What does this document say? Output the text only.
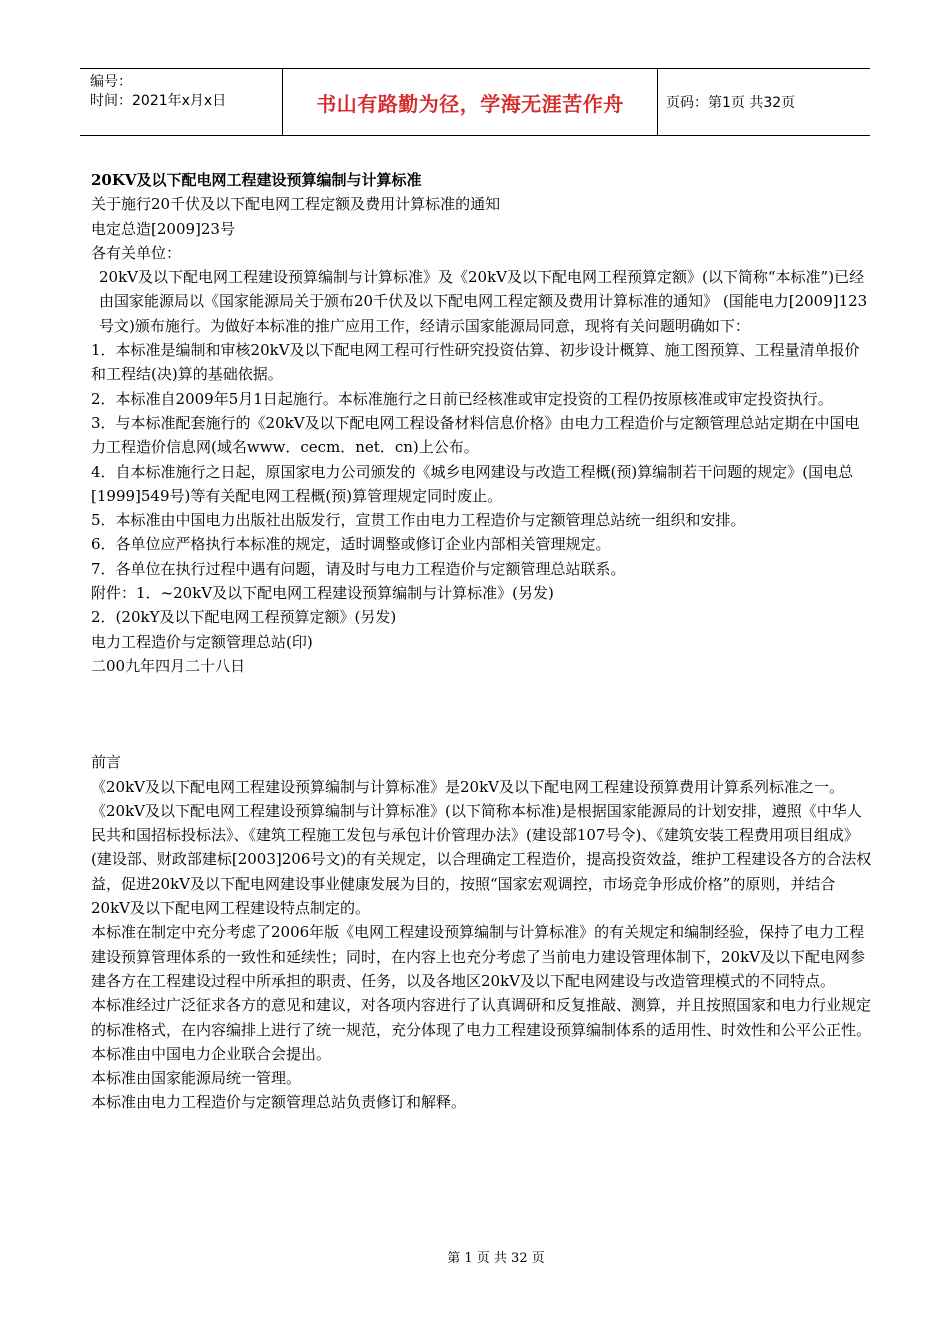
编号：
时间：2021年x月x日	书山有路勤为径，学海无涯苦作舟	页码：第1页 共32页

20KV及以下配电网工程建设预算编制与计算标准

关于施行20千伏及以下配电网工程定额及费用计算标准的通知

电定总造[2009]23号

各有关单位：

20kV及以下配电网工程建设预算编制与计算标准》及《20kV及以下配电网工程预算定额》(以下简称“本标准”)已经由国家能源局以《国家能源局关于颁布20千伏及以下配电网工程定额及费用计算标准的通知》 (国能电力[2009]123号文)颁布施行。为做好本标准的推广应用工作，经请示国家能源局同意，现将有关问题明确如下：

1．本标准是编制和审核20kV及以下配电网工程可行性研究投资估算、初步设计概算、施工图预算、工程量清单报价和工程结(决)算的基础依据。

2．本标准自2009年5月1日起施行。本标准施行之日前已经核准或审定投资的工程仍按原核准或审定投资执行。

3．与本标准配套施行的《20kV及以下配电网工程设备材料信息价格》由电力工程造价与定额管理总站定期在中国电力工程造价信息网(域名www．cecm．net．cn)上公布。

4．自本标准施行之日起，原国家电力公司颁发的《城乡电网建设与改造工程概(预)算编制若干问题的规定》(国电总[1999]549号)等有关配电网工程概(预)算管理规定同时废止。

5．本标准由中国电力出版社出版发行，宣贯工作由电力工程造价与定额管理总站统一组织和安排。

6．各单位应严格执行本标准的规定，适时调整或修订企业内部相关管理规定。

7．各单位在执行过程中遇有问题，请及时与电力工程造价与定额管理总站联系。

附件：1．~20kV及以下配电网工程建设预算编制与计算标准》(另发)

2．(20kY及以下配电网工程预算定额》(另发)

电力工程造价与定额管理总站(印)

二00九年四月二十八日

前言

《20kV及以下配电网工程建设预算编制与计算标准》是20kV及以下配电网工程建设预算费用计算系列标准之一。

《20kV及以下配电网工程建设预算编制与计算标准》(以下简称本标准)是根据国家能源局的计划安排，遵照《中华人民共和国招标投标法》、《建筑工程施工发包与承包计价管理办法》(建设部107号令)、《建筑安装工程费用项目组成》(建设部、财政部建标[2003]206号文)的有关规定，以合理确定工程造价，提高投资效益，维护工程建设各方的合法权益，促进20kV及以下配电网建设事业健康发展为目的，按照“国家宏观调控，市场竞争形成价格”的原则，并结合20kV及以下配电网工程建设特点制定的。

本标准在制定中充分考虑了2006年版《电网工程建设预算编制与计算标准》的有关规定和编制经验，保持了电力工程建设预算管理体系的一致性和延续性；同时，在内容上也充分考虑了当前电力建设管理体制下，20kV及以下配电网参建各方在工程建设过程中所承担的职责、任务，以及各地区20kV及以下配电网建设与改造管理模式的不同特点。

本标准经过广泛征求各方的意见和建议，对各项内容进行了认真调研和反复推敲、测算，并且按照国家和电力行业规定的标准格式，在内容编排上进行了统一规范，充分体现了电力工程建设预算编制体系的适用性、时效性和公平公正性。

本标准由中国电力企业联合会提出。

本标准由国家能源局统一管理。

本标准由电力工程造价与定额管理总站负责修订和解释。

第 1 页 共 32 页
